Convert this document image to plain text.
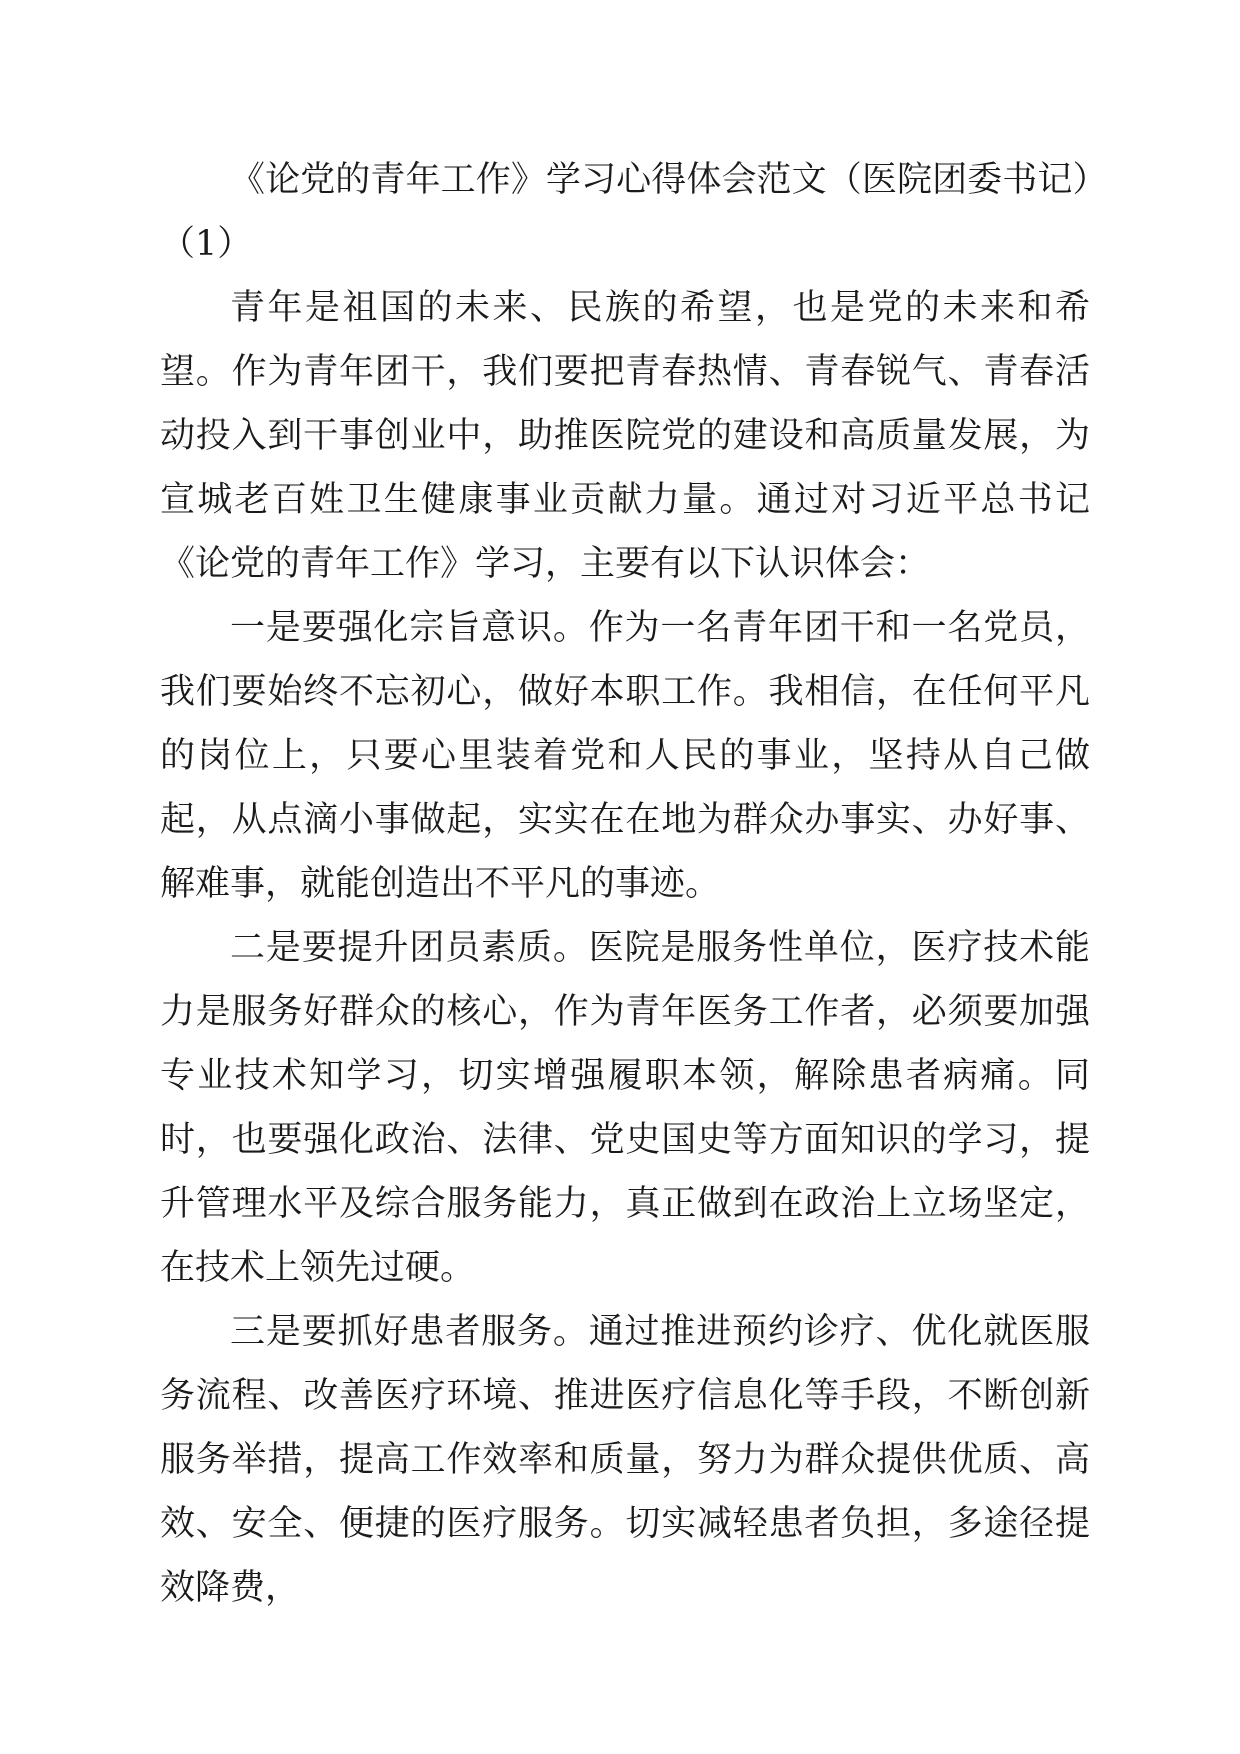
《论党的青年工作》学习心得体会范文（医院团委书记）（1）

青年是祖国的未来、民族的希望，也是党的未来和希望。作为青年团干，我们要把青春热情、青春锐气、青春活动投入到干事创业中，助推医院党的建设和高质量发展，为宣城老百姓卫生健康事业贡献力量。通过对习近平总书记《论党的青年工作》学习，主要有以下认识体会：

一是要强化宗旨意识。作为一名青年团干和一名党员，我们要始终不忘初心，做好本职工作。我相信，在任何平凡的岗位上，只要心里装着党和人民的事业，坚持从自己做起，从点滴小事做起，实实在在地为群众办事实、办好事、解难事，就能创造出不平凡的事迹。

二是要提升团员素质。医院是服务性单位，医疗技术能力是服务好群众的核心，作为青年医务工作者，必须要加强专业技术知学习，切实增强履职本领，解除患者病痛。同时，也要强化政治、法律、党史国史等方面知识的学习，提升管理水平及综合服务能力，真正做到在政治上立场坚定，在技术上领先过硬。

三是要抓好患者服务。通过推进预约诊疗、优化就医服务流程、改善医疗环境、推进医疗信息化等手段，不断创新服务举措，提高工作效率和质量，努力为群众提供优质、高效、安全、便捷的医疗服务。切实减轻患者负担，多途径提效降费，
